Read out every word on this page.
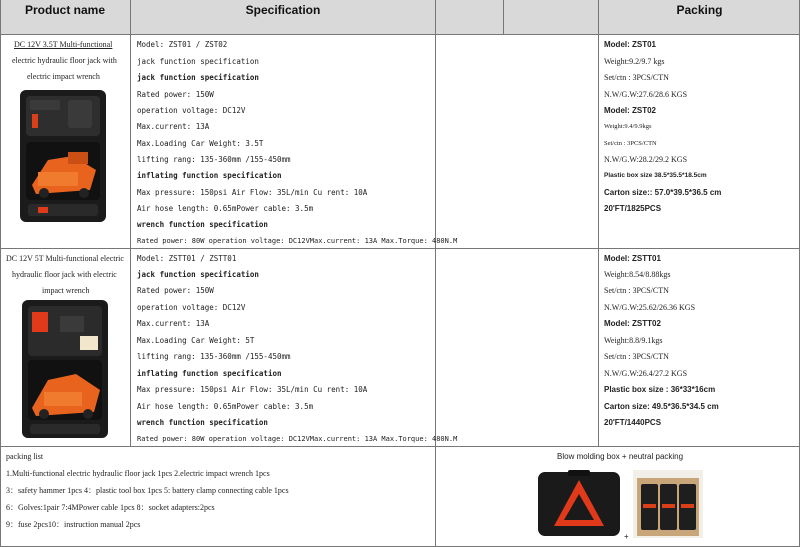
Product name	Specification	Packing
DC 12V 3.5T Multi-functional
electric hydraulic floor jack with
electric impact wrench
Model: ZST01 / ZST02
jack function specification
jack function specification
Rated power: 150W
operation voltage: DC12V
Max.current: 13A
Max.Loading Car Weight: 3.5T
lifting rang: 135-360mm /155-450mm
inflating function specification
Max pressure: 150psi Air Flow: 35L/min Cu rent: 10A
Air hose length: 0.65mPower cable: 3.5m
wrench function specification
Rated power: 80W operation voltage: DC12VMax.current: 13A Max.Torque: 480N.M
Model: ZST01
Weight:9.2/9.7 kgs
Set/ctn : 3PCS/CTN
N.W/G.W:27.6/28.6 KGS
Model: ZST02
Weight:9.4/9.9kgs
Set/ctn : 3PCS/CTN
N.W/G.W:28.2/29.2 KGS
Plastic box size 38.5*35.5*18.5cm
Carton size:: 57.0*39.5*36.5 cm
20'FT/1825PCS
DC 12V 5T Multi-functional electric
hydraulic floor jack with electric
impact wrench
Model: ZSTT01 / ZSTT01
jack function specification
Rated power: 150W
operation voltage: DC12V
Max.current: 13A
Max.Loading Car Weight: 5T
lifting rang: 135-360mm /155-450mm
inflating function specification
Max pressure: 150psi Air Flow: 35L/min Cu rent: 10A
Air hose length: 0.65mPower cable: 3.5m
wrench function specification
Rated power: 80W operation voltage: DC12VMax.current: 13A Max.Torque: 480N.M
Model: ZSTT01
Weight:8.54/8.88kgs
Set/ctn : 3PCS/CTN
N.W/G.W:25.62/26.36 KGS
Model: ZSTT02
Weight:8.8/9.1kgs
Set/ctn : 3PCS/CTN
N.W/G.W:26.4/27.2 KGS
Plastic box size : 36*33*16cm
Carton size: 49.5*36.5*34.5 cm
20'FT/1440PCS
packing list
1.Multi-functional electric hydraulic floor jack 1pcs 2.electric impact wrench 1pcs
3：safety hammer 1pcs 4：plastic tool box 1pcs 5: battery clamp connecting cable 1pcs
6：Golves:1pair 7:4MPower cable 1pcs 8：socket adapters:2pcs
9：fuse 2pcs10：instruction manual 2pcs
Blow molding box + neutral packing
+
